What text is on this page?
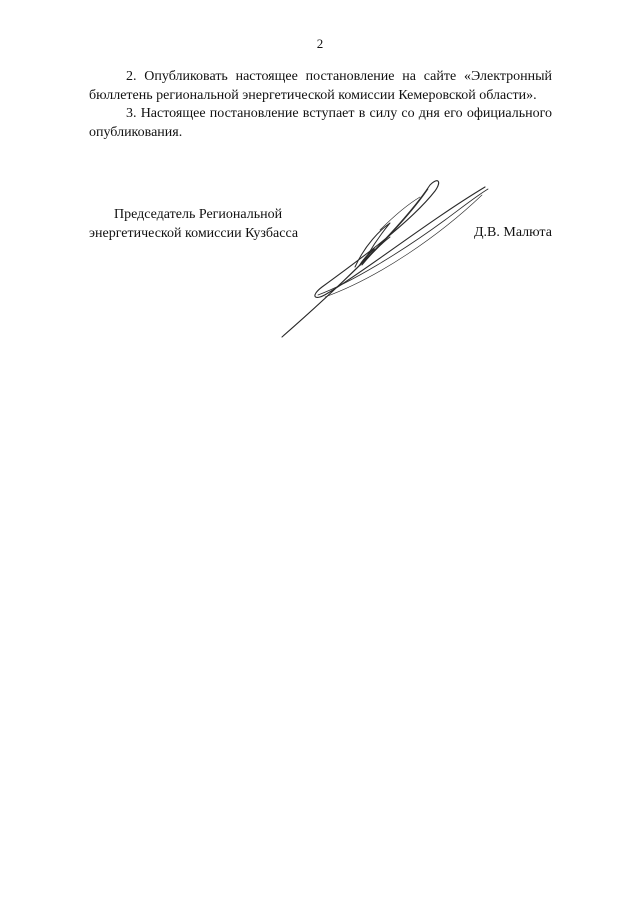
2

2. Опубликовать настоящее постановление на сайте «Электронный бюллетень региональной энергетической комиссии Кемеровской области».

3. Настоящее постановление вступает в силу со дня его официального опубликования.

Председатель Региональной
энергетической комиссии Кузбасса	Д.В. Малюта
